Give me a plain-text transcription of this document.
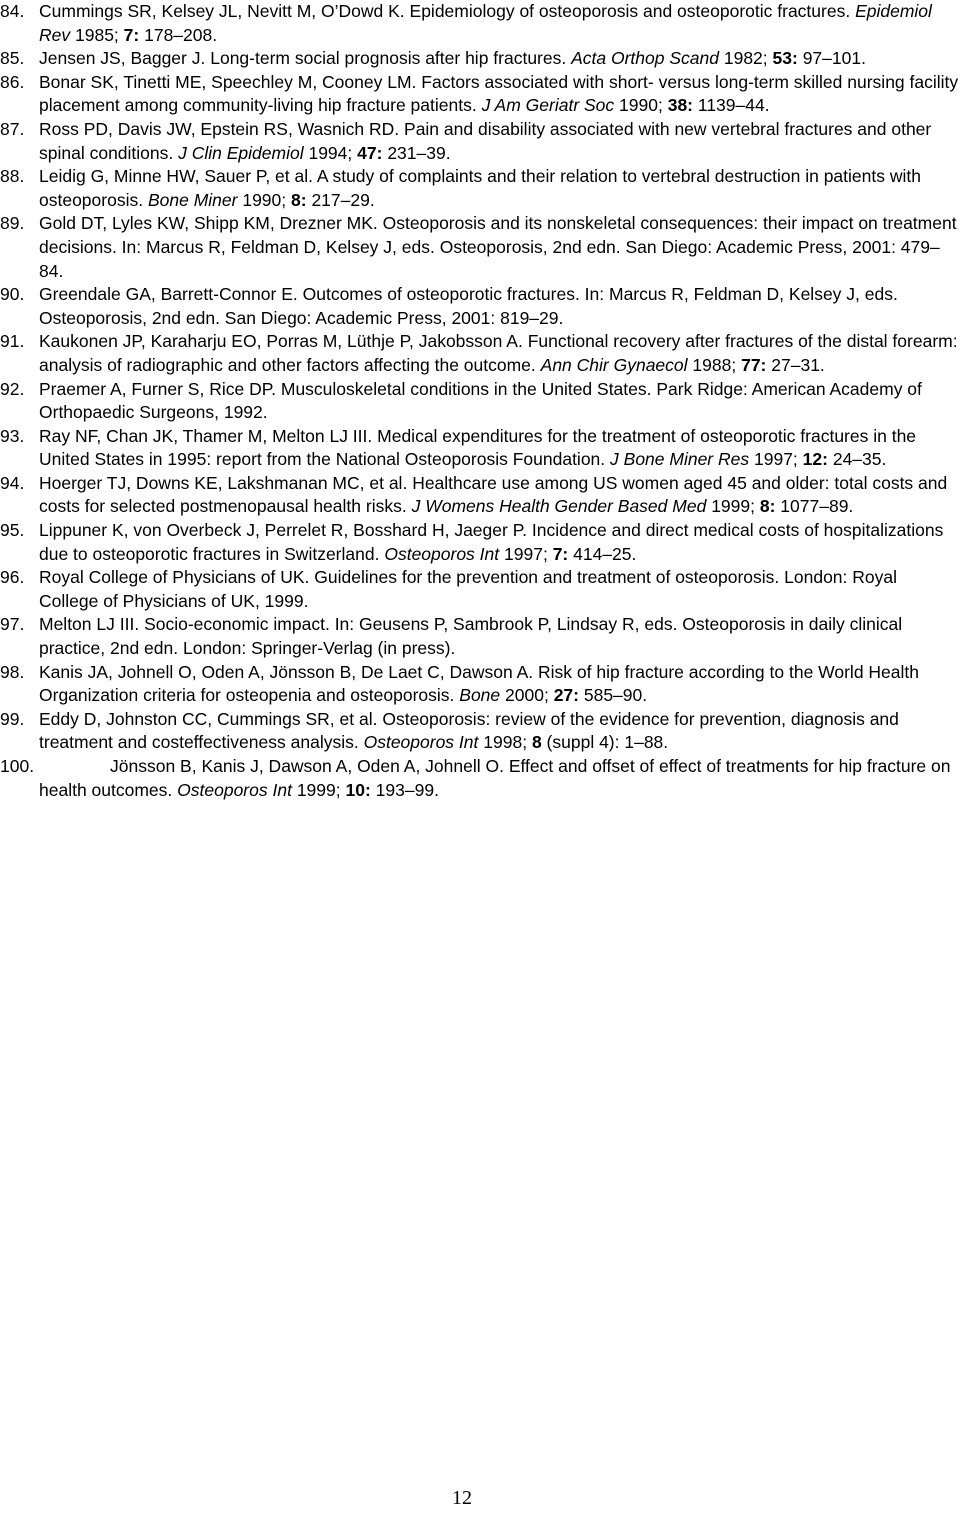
84. Cummings SR, Kelsey JL, Nevitt M, O’Dowd K. Epidemiology of osteoporosis and osteoporotic fractures. Epidemiol Rev 1985; 7: 178–208.
85. Jensen JS, Bagger J. Long-term social prognosis after hip fractures. Acta Orthop Scand 1982; 53: 97–101.
86. Bonar SK, Tinetti ME, Speechley M, Cooney LM. Factors associated with short- versus long-term skilled nursing facility placement among community-living hip fracture patients. J Am Geriatr Soc 1990; 38: 1139–44.
87. Ross PD, Davis JW, Epstein RS, Wasnich RD. Pain and disability associated with new vertebral fractures and other spinal conditions. J Clin Epidemiol 1994; 47: 231–39.
88. Leidig G, Minne HW, Sauer P, et al. A study of complaints and their relation to vertebral destruction in patients with osteoporosis. Bone Miner 1990; 8: 217–29.
89. Gold DT, Lyles KW, Shipp KM, Drezner MK. Osteoporosis and its nonskeletal consequences: their impact on treatment decisions. In: Marcus R, Feldman D, Kelsey J, eds. Osteoporosis, 2nd edn. San Diego: Academic Press, 2001: 479–84.
90. Greendale GA, Barrett-Connor E. Outcomes of osteoporotic fractures. In: Marcus R, Feldman D, Kelsey J, eds. Osteoporosis, 2nd edn. San Diego: Academic Press, 2001: 819–29.
91. Kaukonen JP, Karaharju EO, Porras M, Lüthje P, Jakobsson A. Functional recovery after fractures of the distal forearm: analysis of radiographic and other factors affecting the outcome. Ann Chir Gynaecol 1988; 77: 27–31.
92. Praemer A, Furner S, Rice DP. Musculoskeletal conditions in the United States. Park Ridge: American Academy of Orthopaedic Surgeons, 1992.
93. Ray NF, Chan JK, Thamer M, Melton LJ III. Medical expenditures for the treatment of osteoporotic fractures in the United States in 1995: report from the National Osteoporosis Foundation. J Bone Miner Res 1997; 12: 24–35.
94. Hoerger TJ, Downs KE, Lakshmanan MC, et al. Healthcare use among US women aged 45 and older: total costs and costs for selected postmenopausal health risks. J Womens Health Gender Based Med 1999; 8: 1077–89.
95. Lippuner K, von Overbeck J, Perrelet R, Bosshard H, Jaeger P. Incidence and direct medical costs of hospitalizations due to osteoporotic fractures in Switzerland. Osteoporos Int 1997; 7: 414–25.
96. Royal College of Physicians of UK. Guidelines for the prevention and treatment of osteoporosis. London: Royal College of Physicians of UK, 1999.
97. Melton LJ III. Socio-economic impact. In: Geusens P, Sambrook P, Lindsay R, eds. Osteoporosis in daily clinical practice, 2nd edn. London: Springer-Verlag (in press).
98. Kanis JA, Johnell O, Oden A, Jönsson B, De Laet C, Dawson A. Risk of hip fracture according to the World Health Organization criteria for osteopenia and osteoporosis. Bone 2000; 27: 585–90.
99. Eddy D, Johnston CC, Cummings SR, et al. Osteoporosis: review of the evidence for prevention, diagnosis and treatment and costeffectiveness analysis. Osteoporos Int 1998; 8 (suppl 4): 1–88.
100.	Jönsson B, Kanis J, Dawson A, Oden A, Johnell O. Effect and offset of effect of treatments for hip fracture on health outcomes. Osteoporos Int 1999; 10: 193–99.
12
